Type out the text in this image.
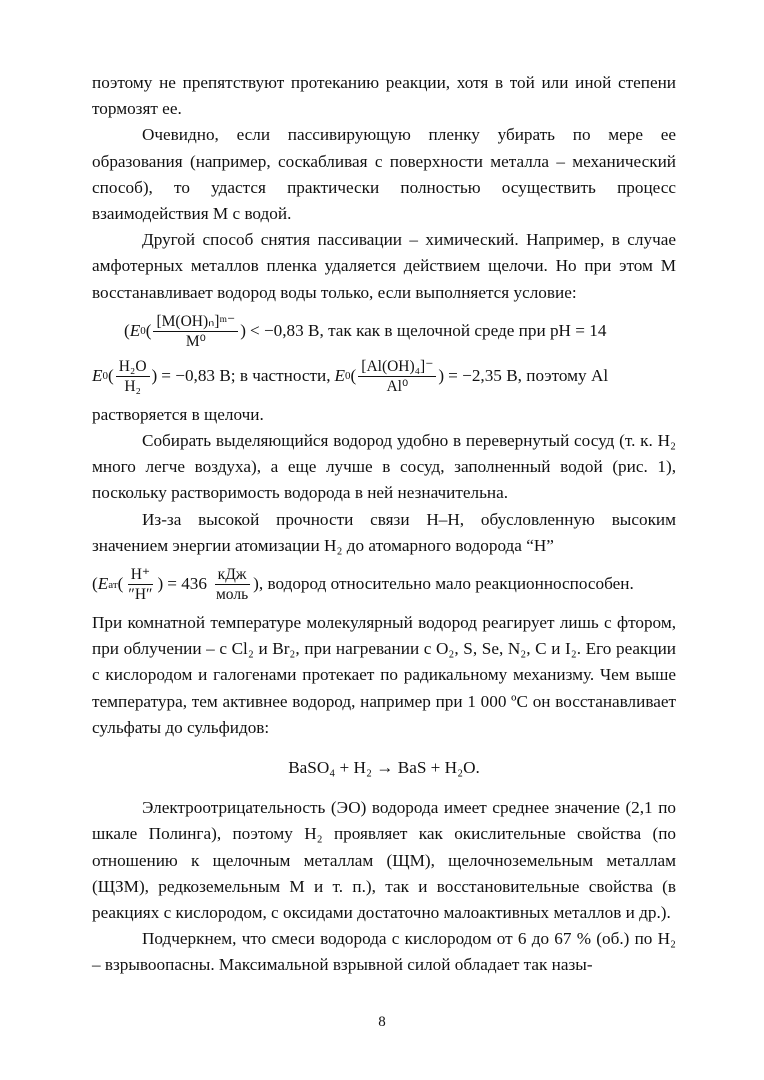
поэтому не препятствуют протеканию реакции, хотя в той или иной степени тормозят ее.

Очевидно, если пассивирующую пленку убирать по мере ее образования (например, соскабливая с поверхности металла – механический способ), то удастся практически полностью осуществить процесс взаимодействия М с водой.

Другой способ снятия пассивации – химический. Например, в случае амфотерных металлов пленка удаляется действием щелочи. Но при этом М восстанавливает водород воды только, если выполняется условие:

( E 0 ( $\frac{\text{[M(OH)ₙ]ᵐ⁻}}{\text{M⁰}}$ ) < −0,83 В, так как в щелочной среде при pH = 14
E 0 ( $\frac{\text{H₂O}}{\text{H₂}}$ ) = −0,83 В; в частности, E 0 ( $\frac{\text{[Al(OH)₄]⁻}}{\text{Al⁰}}$ ) = −2,35 В, поэтому Al

растворяется в щелочи.

Собирать выделяющийся водород удобно в перевернутый сосуд (т. к. H₂ много легче воздуха), а еще лучше в сосуд, заполненный водой (рис. 1), поскольку растворимость водорода в ней незначительна.

Из-за высокой прочности связи H–H, обусловленную высоким значением энергии атомизации H₂ до атомарного водорода “H”

( E ат ( $\frac{H^+}{''H''}$ ) = $436 \frac{\text{кДж}}{\text{моль}}$ ), водород относительно мало реакционноспособен.

При комнатной температуре молекулярный водород реагирует лишь с фтором, при облучении – с Cl₂ и Br₂, при нагревании с O₂, S, Se, N₂, C и I₂. Его реакции с кислородом и галогенами протекает по радикальному механизму. Чем выше температура, тем активнее водород, например при 1 000 ºС он восстанавливает сульфаты до сульфидов:

BaSO₄ + H₂ → BaS + H₂O.

Электроотрицательность (ЭО) водорода имеет среднее значение (2,1 по шкале Полинга), поэтому H₂ проявляет как окислительные свойства (по отношению к щелочным металлам (ЩМ), щелочноземельным металлам (ЩЗМ), редкоземельным М и т. п.), так и восстановительные свойства (в реакциях с кислородом, с оксидами достаточно малоактивных металлов и др.).

Подчеркнем, что смеси водорода с кислородом от 6 до 67 % (об.) по H₂ – взрывоопасны. Максимальной взрывной силой обладает так назы-

8
